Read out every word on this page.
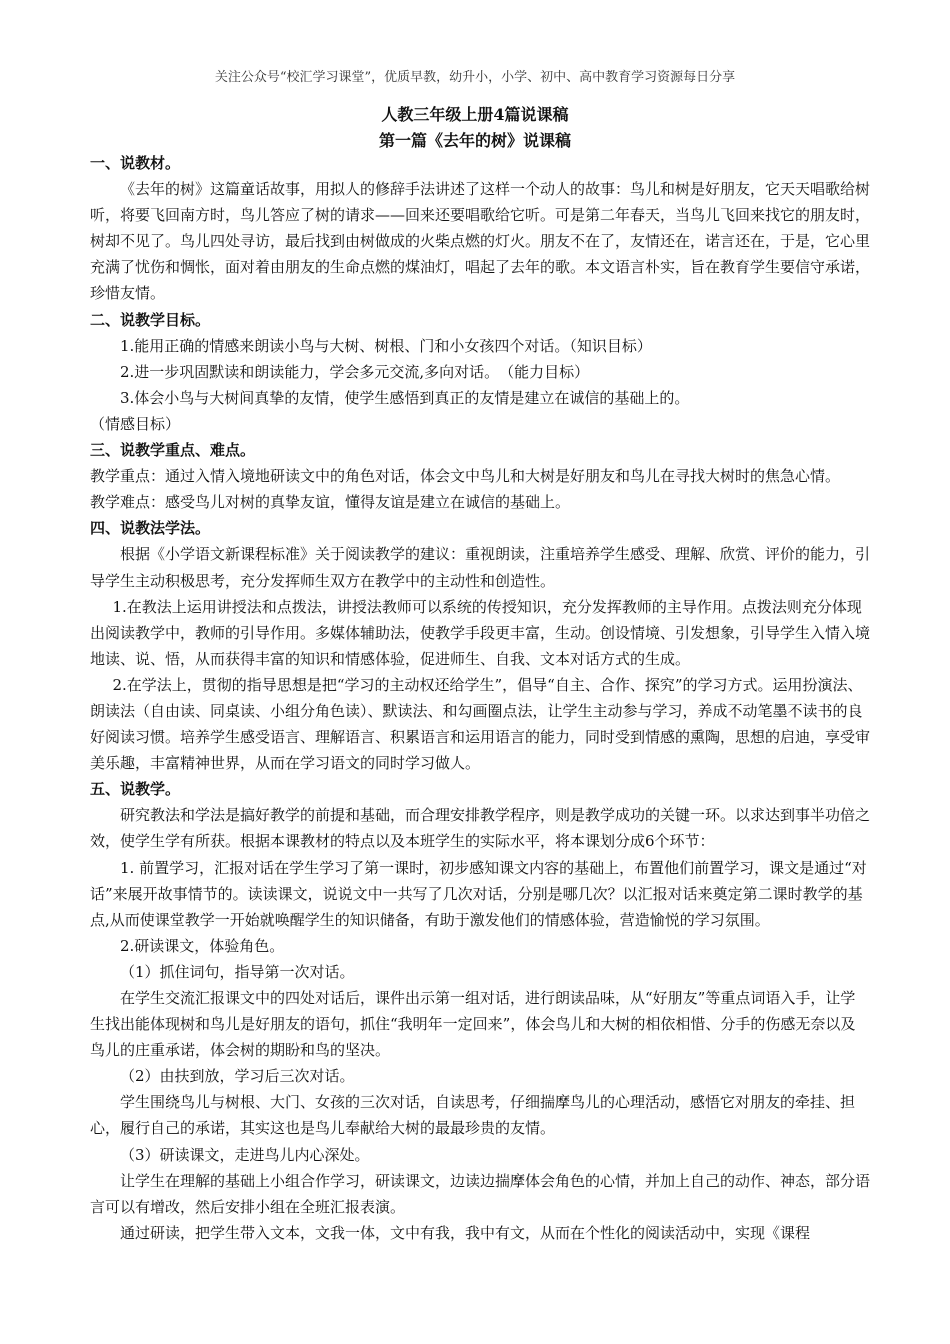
关注公众号“校汇学习课堂”，优质早教，幼升小，小学、初中、高中教育学习资源每日分享
人教三年级上册4篇说课稿
第一篇《去年的树》说课稿

一、说教材。

《去年的树》这篇童话故事，用拟人的修辞手法讲述了这样一个动人的故事：鸟儿和树是好朋友，它天天唱歌给树听，将要飞回南方时，鸟儿答应了树的请求——回来还要唱歌给它听。可是第二年春天，当鸟儿飞回来找它的朋友时，树却不见了。鸟儿四处寻访，最后找到由树做成的火柴点燃的灯火。朋友不在了，友情还在，诺言还在，于是，它心里充满了忧伤和惆怅，面对着由朋友的生命点燃的煤油灯，唱起了去年的歌。本文语言朴实，旨在教育学生要信守承诺，珍惜友情。

二、说教学目标。

1.能用正确的情感来朗读小鸟与大树、树根、门和小女孩四个对话。（知识目标）

2.进一步巩固默读和朗读能力，学会多元交流,多向对话。　（能力目标）

3.体会小鸟与大树间真挚的友情，使学生感悟到真正的友情是建立在诚信的基础上的。

（情感目标）

三、说教学重点、难点。

教学重点：通过入情入境地研读文中的角色对话，体会文中鸟儿和大树是好朋友和鸟儿在寻找大树时的焦急心情。

教学难点：感受鸟儿对树的真挚友谊，懂得友谊是建立在诚信的基础上。

四、说教法学法。

根据《小学语文新课程标准》关于阅读教学的建议：重视朗读，注重培养学生感受、理解、欣赏、评价的能力，引导学生主动积极思考，充分发挥师生双方在教学中的主动性和创造性。

1.在教法上运用讲授法和点拨法，讲授法教师可以系统的传授知识，充分发挥教师的主导作用。点拨法则充分体现出阅读教学中，教师的引导作用。多媒体辅助法，使教学手段更丰富，生动。创设情境、引发想象，引导学生入情入境地读、说、悟，从而获得丰富的知识和情感体验，促进师生、自我、文本对话方式的生成。

2.在学法上，贯彻的指导思想是把“学习的主动权还给学生”，倡导“自主、合作、探究”的学习方式。运用扮演法、朗读法（自由读、同桌读、小组分角色读）、默读法、和勾画圈点法，让学生主动参与学习，养成不动笔墨不读书的良好阅读习惯。培养学生感受语言、理解语言、积累语言和运用语言的能力，同时受到情感的熏陶，思想的启迪，享受审美乐趣，丰富精神世界，从而在学习语文的同时学习做人。

五、说教学。

研究教法和学法是搞好教学的前提和基础，而合理安排教学程序，则是教学成功的关键一环。以求达到事半功倍之效，使学生学有所获。根据本课教材的特点以及本班学生的实际水平，将本课划分成6个环节：

1. 前置学习，汇报对话在学生学习了第一课时，初步感知课文内容的基础上，布置他们前置学习，课文是通过“对话”来展开故事情节的。读读课文，说说文中一共写了几次对话，分别是哪几次？以汇报对话来奠定第二课时教学的基点,从而使课堂教学一开始就唤醒学生的知识储备，有助于激发他们的情感体验，营造愉悦的学习氛围。

2.研读课文，体验角色。

（1）抓住词句，指导第一次对话。

在学生交流汇报课文中的四处对话后，课件出示第一组对话，进行朗读品味，从“好朋友”等重点词语入手，让学生找出能体现树和鸟儿是好朋友的语句，抓住“我明年一定回来”，体会鸟儿和大树的相依相惜、分手的伤感无奈以及鸟儿的庄重承诺，体会树的期盼和鸟的坚决。

（2）由扶到放，学习后三次对话。

学生围绕鸟儿与树根、大门、女孩的三次对话，自读思考，仔细揣摩鸟儿的心理活动，感悟它对朋友的牵挂、担心，履行自己的承诺，其实这也是鸟儿奉献给大树的最最珍贵的友情。

（3）研读课文，走进鸟儿内心深处。

让学生在理解的基础上小组合作学习，研读课文，边读边揣摩体会角色的心情，并加上自己的动作、神态，部分语言可以有增改，然后安排小组在全班汇报表演。

通过研读，把学生带入文本，文我一体，文中有我，我中有文，从而在个性化的阅读活动中，实现《课程
